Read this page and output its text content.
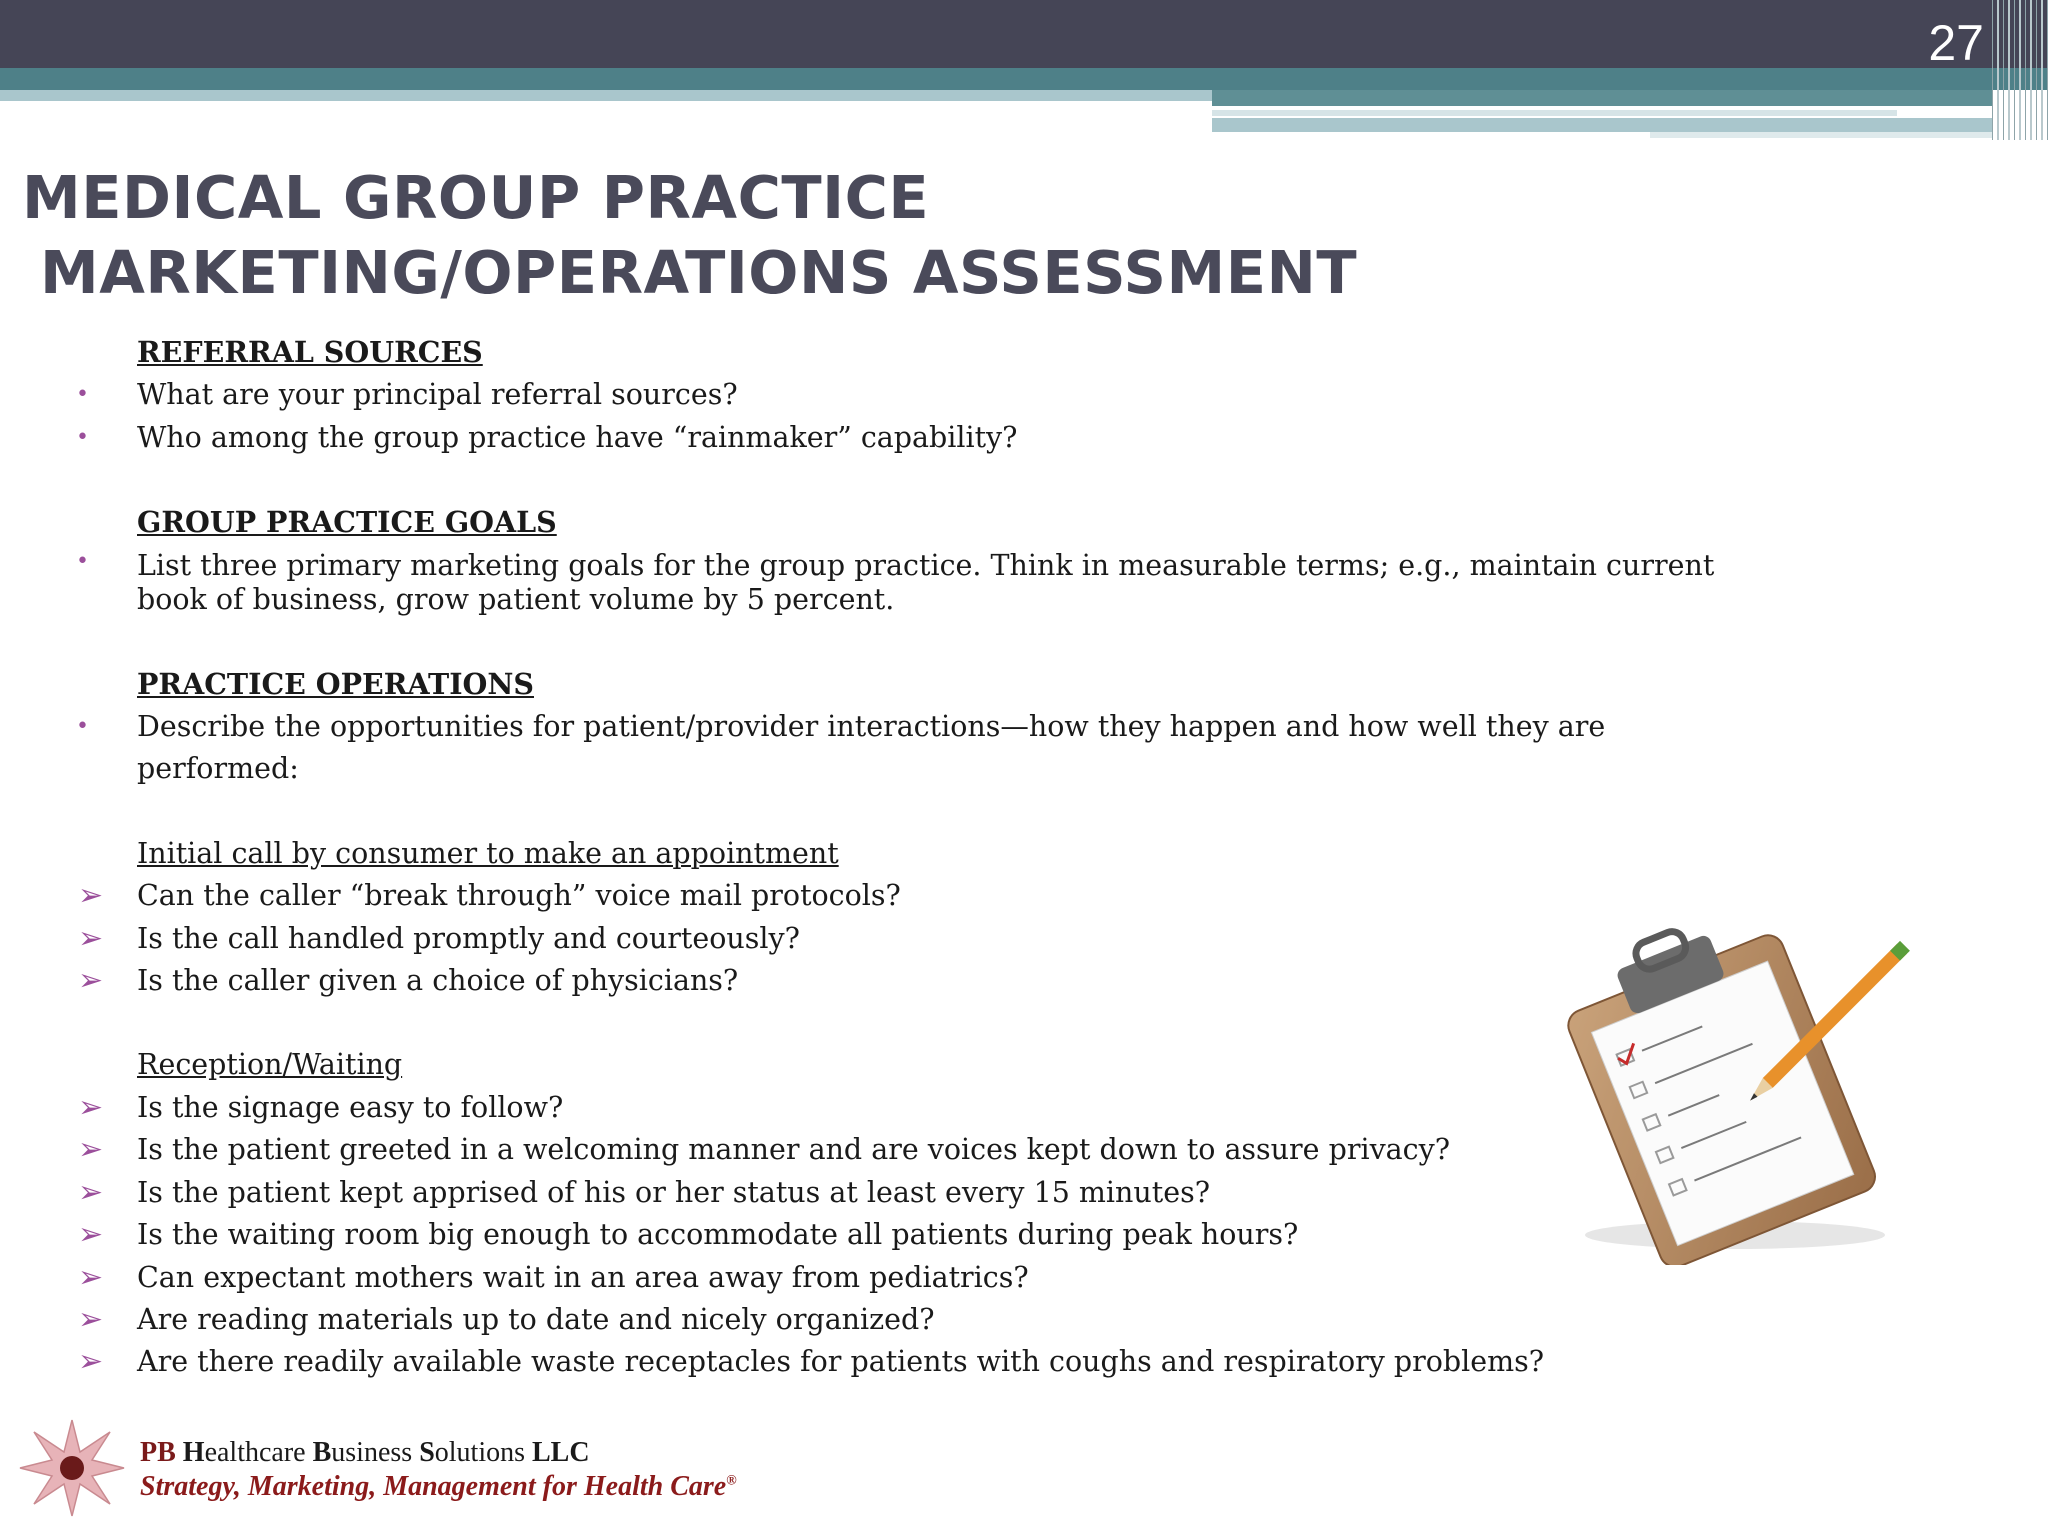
27
MEDICAL GROUP PRACTICE
MARKETING/OPERATIONS ASSESSMENT
REFERRAL SOURCES
• What are your principal referral sources?
• Who among the group practice have “rainmaker” capability?
GROUP PRACTICE GOALS
• List three primary marketing goals for the group practice. Think in measurable terms; e.g., maintain current book of business, grow patient volume by 5 percent.
PRACTICE OPERATIONS
• Describe the opportunities for patient/provider interactions—how they happen and how well they are performed:
Initial call by consumer to make an appointment
➢ Can the caller “break through” voice mail protocols?
➢ Is the call handled promptly and courteously?
➢ Is the caller given a choice of physicians?
Reception/Waiting
➢ Is the signage easy to follow?
➢ Is the patient greeted in a welcoming manner and are voices kept down to assure privacy?
➢ Is the patient kept apprised of his or her status at least every 15 minutes?
➢ Is the waiting room big enough to accommodate all patients during peak hours?
➢ Can expectant mothers wait in an area away from pediatrics?
➢ Are reading materials up to date and nicely organized?
➢ Are there readily available waste receptacles for patients with coughs and respiratory problems?

PB Healthcare Business Solutions LLC

Strategy, Marketing, Management for Health Care®
